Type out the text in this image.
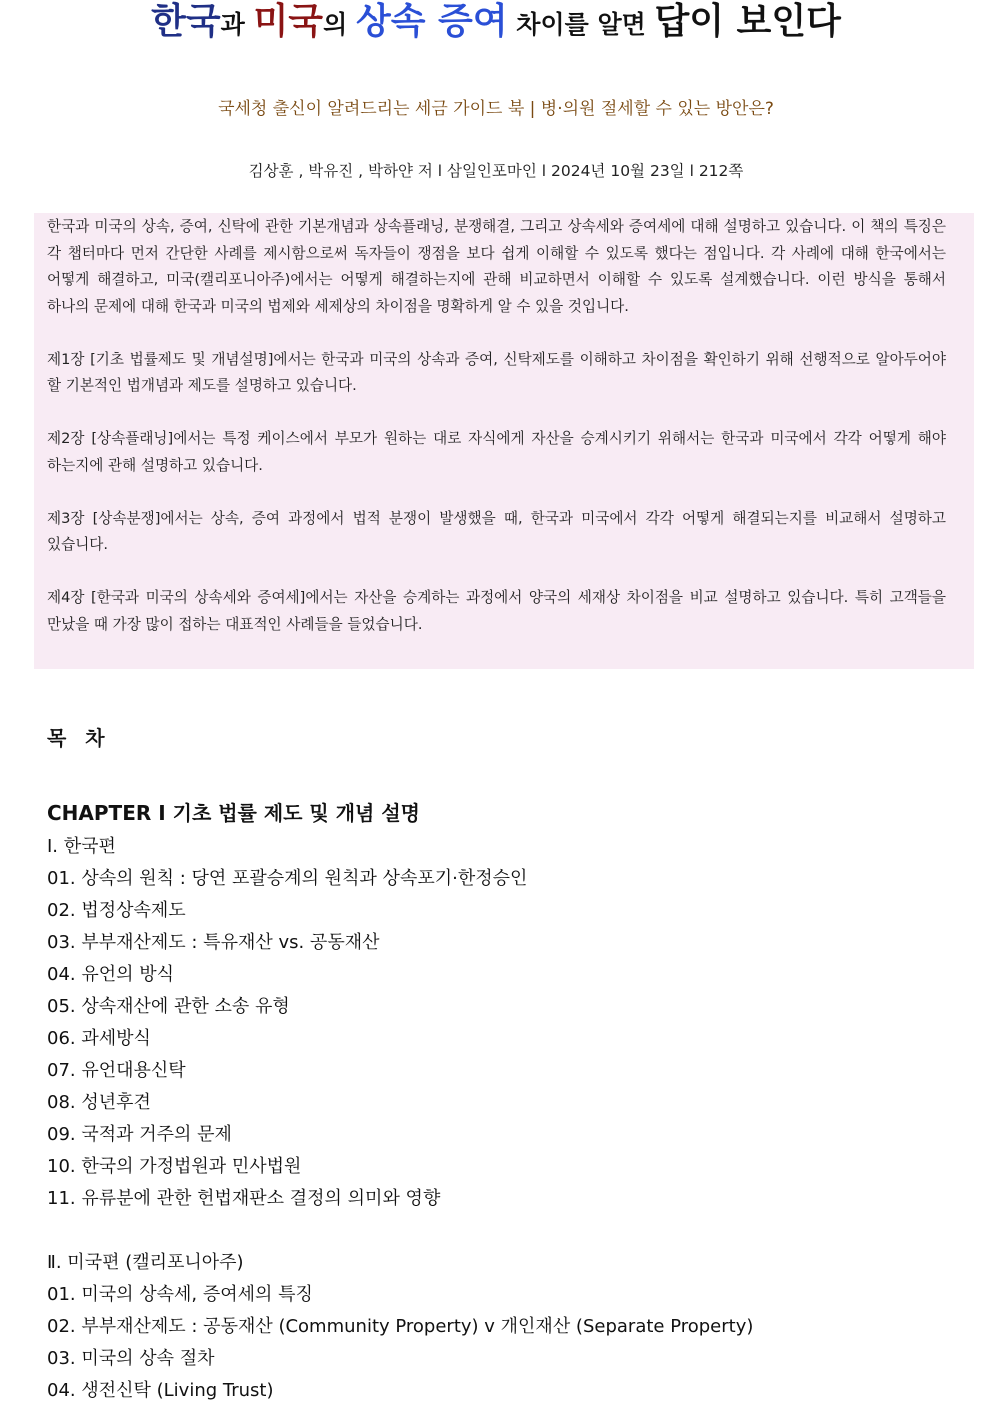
한국과 미국의 상속 증여 차이를 알면 답이 보인다
국세청 출신이 알려드리는 세금 가이드 북 | 병·의원 절세할 수 있는 방안은?
김상훈 , 박유진 , 박하얀 저 l 삼일인포마인 l 2024년 10월 23일 l 212쪽

한국과 미국의 상속, 증여, 신탁에 관한 기본개념과 상속플래닝, 분쟁해결, 그리고 상속세와 증여세에 대해 설명하고 있습니다. 이 책의 특징은 각 챕터마다 먼저 간단한 사례를 제시함으로써 독자들이 쟁점을 보다 쉽게 이해할 수 있도록 했다는 점입니다. 각 사례에 대해 한국에서는 어떻게 해결하고, 미국(캘리포니아주)에서는 어떻게 해결하는지에 관해 비교하면서 이해할 수 있도록 설계했습니다. 이런 방식을 통해서 하나의 문제에 대해 한국과 미국의 법제와 세제상의 차이점을 명확하게 알 수 있을 것입니다.

제1장 [기초 법률제도 및 개념설명]에서는 한국과 미국의 상속과 증여, 신탁제도를 이해하고 차이점을 확인하기 위해 선행적으로 알아두어야 할 기본적인 법개념과 제도를 설명하고 있습니다.

제2장 [상속플래닝]에서는 특정 케이스에서 부모가 원하는 대로 자식에게 자산을 승계시키기 위해서는 한국과 미국에서 각각 어떻게 해야 하는지에 관해 설명하고 있습니다.

제3장 [상속분쟁]에서는 상속, 증여 과정에서 법적 분쟁이 발생했을 때, 한국과 미국에서 각각 어떻게 해결되는지를 비교해서 설명하고 있습니다.

제4장 [한국과 미국의 상속세와 증여세]에서는 자산을 승계하는 과정에서 양국의 세재상 차이점을 비교 설명하고 있습니다. 특히 고객들을 만났을 때 가장 많이 접하는 대표적인 사례들을 들었습니다.

목 차
CHAPTER Ⅰ 기초 법률 제도 및 개념 설명
Ⅰ. 한국편
01. 상속의 원칙 : 당연 포괄승계의 원칙과 상속포기·한정승인
02. 법정상속제도
03. 부부재산제도 : 특유재산 vs. 공동재산
04. 유언의 방식
05. 상속재산에 관한 소송 유형
06. 과세방식
07. 유언대용신탁
08. 성년후견
09. 국적과 거주의 문제
10. 한국의 가정법원과 민사법원
11. 유류분에 관한 헌법재판소 결정의 의미와 영향
Ⅱ. 미국편 (캘리포니아주)
01. 미국의 상속세, 증여세의 특징
02. 부부재산제도 : 공동재산 (Community Property) v 개인재산 (Separate Property)
03. 미국의 상속 절차
04. 생전신탁 (Living Trust)
